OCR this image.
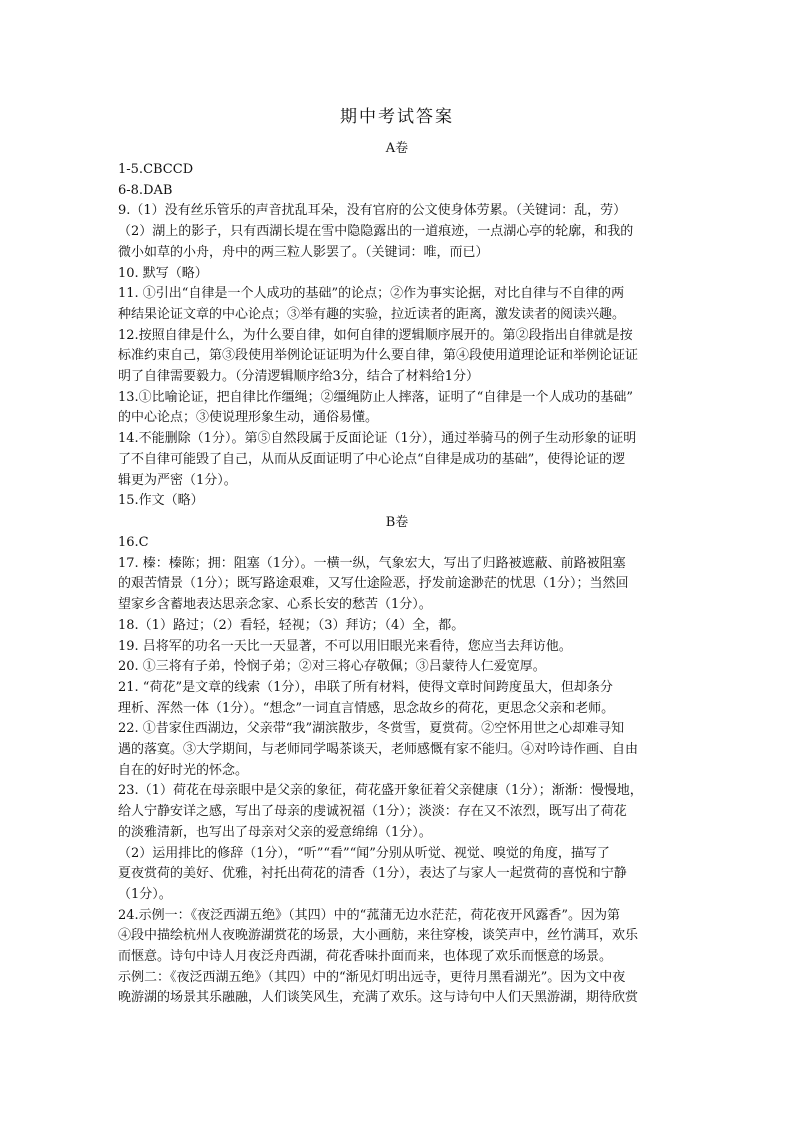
期中考试答案
A卷

1-5.CBCCD

6-8.DAB

9.（1）没有丝乐管乐的声音扰乱耳朵，没有官府的公文使身体劳累。（关键词：乱，劳）

（2）湖上的影子，只有西湖长堤在雪中隐隐露出的一道痕迹，一点湖心亭的轮廓，和我的

微小如草的小舟，舟中的两三粒人影罢了。（关键词：唯，而已）

10. 默写（略）

11. ①引出“自律是一个人成功的基础”的论点；②作为事实论据，对比自律与不自律的两

种结果论证文章的中心论点；③举有趣的实验，拉近读者的距离，激发读者的阅读兴趣。

12.按照自律是什么，为什么要自律，如何自律的逻辑顺序展开的。第②段指出自律就是按

标准约束自己，第③段使用举例论证证明为什么要自律，第④段使用道理论证和举例论证证

明了自律需要毅力。（分清逻辑顺序给3分，结合了材料给1分）

13.①比喻论证，把自律比作缰绳；②缰绳防止人摔落，证明了“自律是一个人成功的基础”

的中心论点；③使说理形象生动，通俗易懂。

14.不能删除（1分）。第⑤自然段属于反面论证（1分），通过举骑马的例子生动形象的证明

了不自律可能毁了自己，从而从反面证明了中心论点“自律是成功的基础”，使得论证的逻

辑更为严密（1分）。

15.作文（略）

B卷

16.C

17. 榛：榛陈；拥：阻塞（1分）。一横一纵，气象宏大，写出了归路被遮蔽、前路被阻塞

的艰苦情景（1分）；既写路途艰难，又写仕途险恶，抒发前途渺茫的忧思（1分）；当然回

望家乡含蓄地表达思亲念家、心系长安的愁苦（1分）。

18.（1）路过；（2）看轻，轻视；（3）拜访；（4）全，都。

19. 吕将军的功名一天比一天显著，不可以用旧眼光来看待，您应当去拜访他。

20. ①三将有子弟，怜悯子弟；②对三将心存敬佩；③吕蒙待人仁爱宽厚。

21. “荷花”是文章的线索（1分），串联了所有材料，使得文章时间跨度虽大，但却条分

理析、浑然一体（1分）。“想念”一词直言情感，思念故乡的荷花，更思念父亲和老师。

22. ①昔家住西湖边，父亲带“我”湖滨散步，冬赏雪，夏赏荷。②空怀用世之心却难寻知

遇的落寞。③大学期间，与老师同学喝茶谈天，老师感慨有家不能归。④对吟诗作画、自由

自在的好时光的怀念。

23.（1）荷花在母亲眼中是父亲的象征，荷花盛开象征着父亲健康（1分）；渐渐：慢慢地，

给人宁静安详之感，写出了母亲的虔诚祝福（1分）；淡淡：存在又不浓烈，既写出了荷花

的淡雅清新，也写出了母亲对父亲的爱意绵绵（1分）。

（2）运用排比的修辞（1分），“听”“看”“闻”分别从听觉、视觉、嗅觉的角度，描写了

夏夜赏荷的美好、优雅，衬托出荷花的清香（1分），表达了与家人一起赏荷的喜悦和宁静

（1分）。

24.示例一：《夜泛西湖五绝》（其四）中的“菰蒲无边水茫茫，荷花夜开风露香”。因为第

④段中描绘杭州人夜晚游湖赏花的场景，大小画舫，来往穿梭，谈笑声中，丝竹满耳，欢乐

而惬意。诗句中诗人月夜泛舟西湖，荷花香味扑面而来，也体现了欢乐而惬意的场景。

示例二：《夜泛西湖五绝》（其四）中的“渐见灯明出远寺，更待月黑看湖光”。因为文中夜

晚游湖的场景其乐融融，人们谈笑风生，充满了欢乐。这与诗句中人们天黑游湖，期待欣赏
